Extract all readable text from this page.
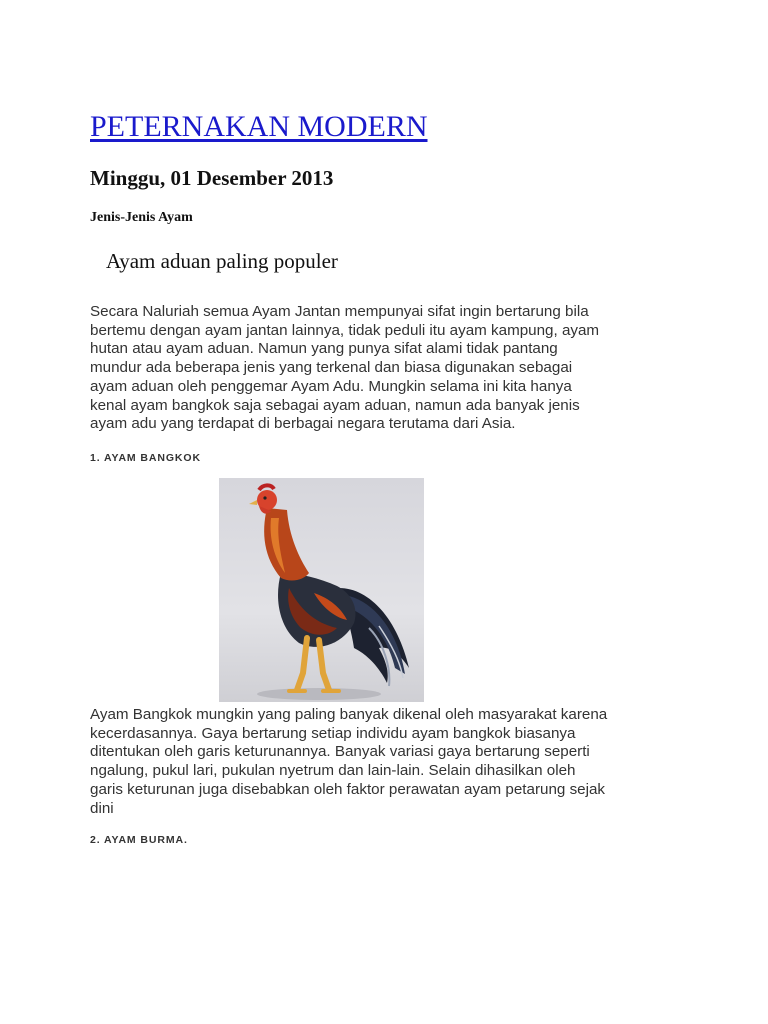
PETERNAKAN MODERN
Minggu, 01 Desember 2013
Jenis-Jenis Ayam
Ayam aduan paling populer

Secara Naluriah semua Ayam Jantan mempunyai sifat ingin bertarung bila
bertemu dengan ayam jantan lainnya, tidak peduli itu ayam kampung, ayam
hutan atau ayam aduan. Namun yang punya sifat alami tidak pantang
mundur ada beberapa jenis yang terkenal dan biasa digunakan sebagai
ayam aduan oleh penggemar Ayam Adu. Mungkin selama ini kita hanya
kenal ayam bangkok saja sebagai ayam aduan, namun ada banyak jenis
ayam adu yang terdapat di berbagai negara terutama dari Asia.

1. AYAM BANGKOK

Ayam Bangkok mungkin yang paling banyak dikenal oleh masyarakat karena
kecerdasannya. Gaya bertarung setiap individu ayam bangkok biasanya
ditentukan oleh garis keturunannya. Banyak variasi gaya bertarung seperti
ngalung, pukul lari, pukulan nyetrum dan lain-lain. Selain dihasilkan oleh
garis keturunan juga disebabkan oleh faktor perawatan ayam petarung sejak
dini

2. AYAM BURMA.
